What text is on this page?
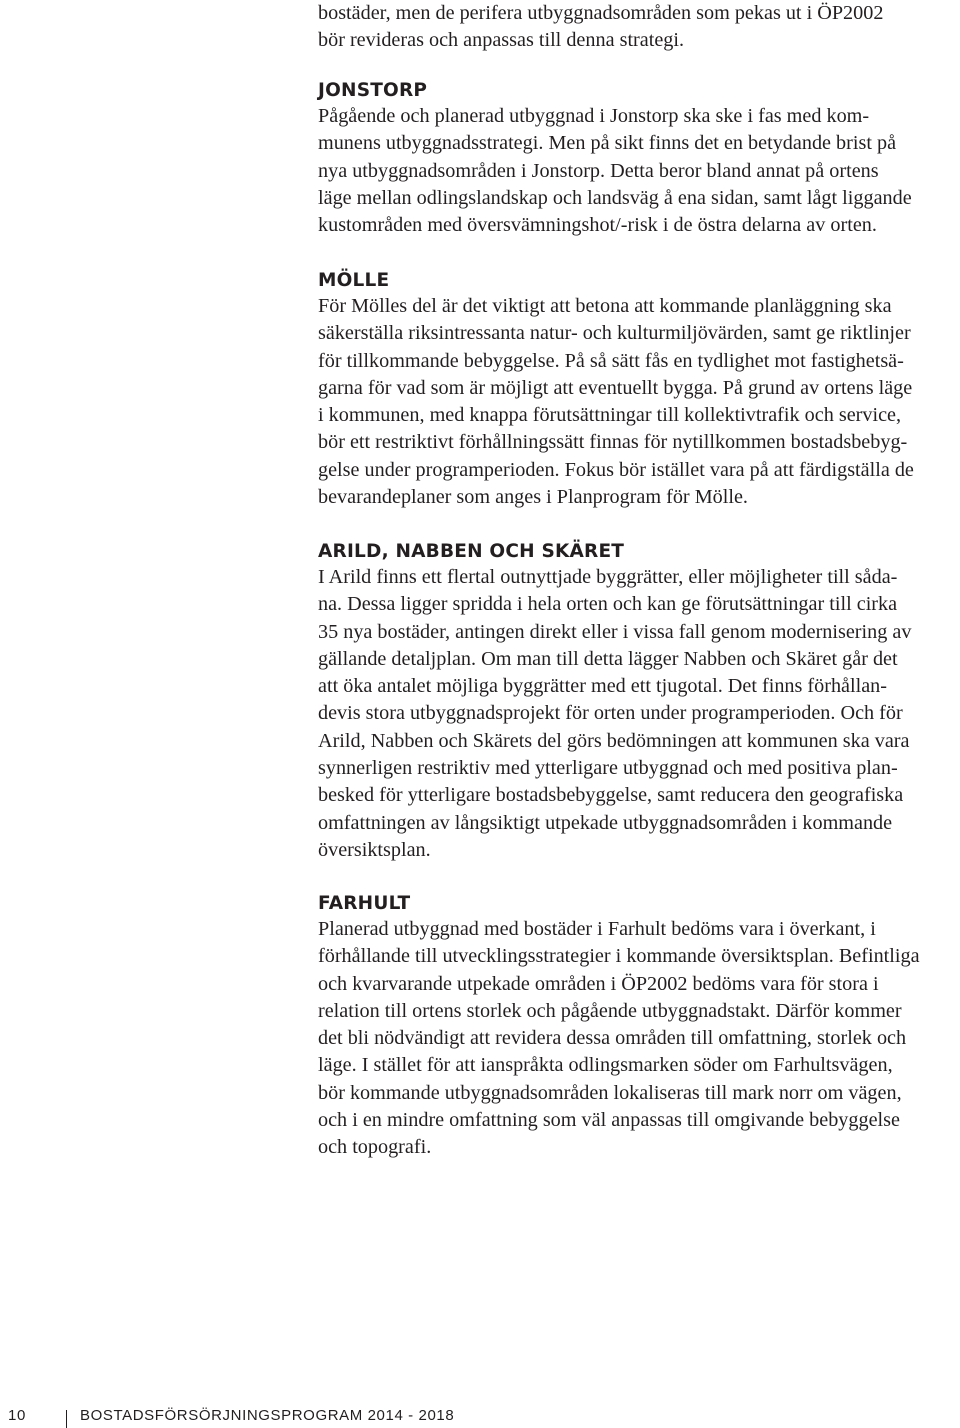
bostäder, men de perifera utbyggnadsområden som pekas ut i ÖP2002
bör revideras och anpassas till denna strategi.

JONSTORP

Pågående och planerad utbyggnad i Jonstorp ska ske i fas med kom-
munens utbyggnadsstrategi. Men på sikt finns det en betydande brist på
nya utbyggnadsområden i Jonstorp. Detta beror bland annat på ortens
läge mellan odlingslandskap och landsväg å ena sidan, samt lågt liggande
kustområden med översvämningshot/-risk i de östra delarna av orten.

MÖLLE

För Mölles del är det viktigt att betona att kommande planläggning ska
säkerställa riksintressanta natur- och kulturmiljövärden, samt ge riktlinjer
för tillkommande bebyggelse. På så sätt fås en tydlighet mot fastighetsä-
garna för vad som är möjligt att eventuellt bygga. På grund av ortens läge
i kommunen, med knappa förutsättningar till kollektivtrafik och service,
bör ett restriktivt förhållningssätt finnas för nytillkommen bostadsbebyg-
gelse under programperioden. Fokus bör istället vara på att färdigställa de
bevarandeplaner som anges i Planprogram för Mölle.

ARILD, NABBEN OCH SKÄRET

I Arild finns ett flertal outnyttjade byggrätter, eller möjligheter till såda-
na. Dessa ligger spridda i hela orten och kan ge förutsättningar till cirka
35 nya bostäder, antingen direkt eller i vissa fall genom modernisering av
gällande detaljplan. Om man till detta lägger Nabben och Skäret går det
att öka antalet möjliga byggrätter med ett tjugotal. Det finns förhållan-
devis stora utbyggnadsprojekt för orten under programperioden. Och för
Arild, Nabben och Skärets del görs bedömningen att kommunen ska vara
synnerligen restriktiv med ytterligare utbyggnad och med positiva plan-
besked för ytterligare bostadsbebyggelse, samt reducera den geografiska
omfattningen av långsiktigt utpekade utbyggnadsområden i kommande
översiktsplan.

FARHULT

Planerad utbyggnad med bostäder i Farhult bedöms vara i överkant, i
förhållande till utvecklingsstrategier i kommande översiktsplan. Befintliga
och kvarvarande utpekade områden i ÖP2002 bedöms vara för stora i
relation till ortens storlek och pågående utbyggnadstakt. Därför kommer
det bli nödvändigt att revidera dessa områden till omfattning, storlek och
läge. I stället för att ianspråkta odlingsmarken söder om Farhultsvägen,
bör kommande utbyggnadsområden lokaliseras till mark norr om vägen,
och i en mindre omfattning som väl anpassas till omgivande bebyggelse
och topografi.

10	BOSTADSFÖRSÖRJNINGSPROGRAM 2014 - 2018
